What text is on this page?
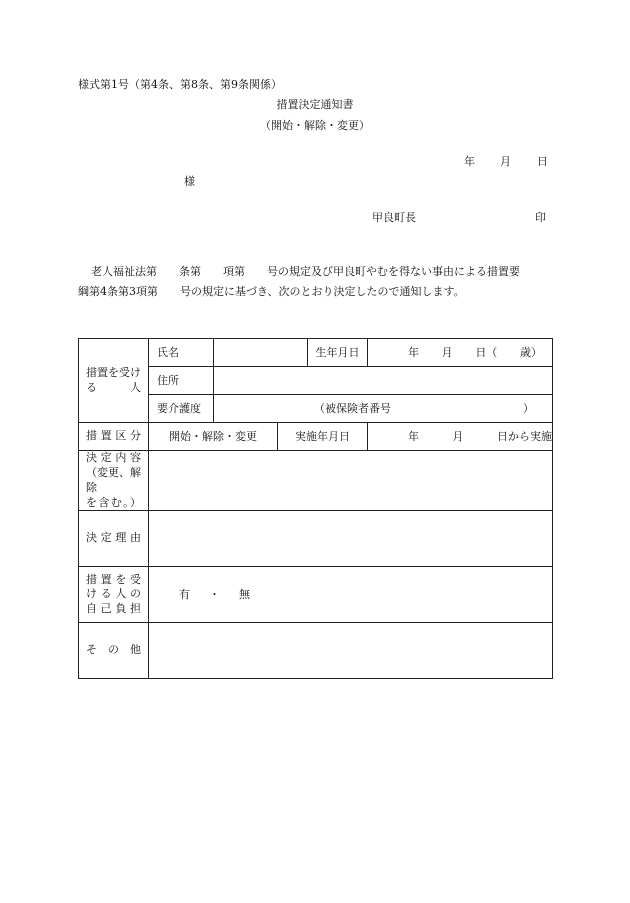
様式第1号（第4条、第8条、第9条関係）
措置決定通知書
（開始・解除・変更）
年 月 日
様
甲良町長	印
老人福祉法第　　条第　　項第　　号の規定及び甲良町やむを得ない事由による措置要
綱第4条第3項第　　号の規定に基づき、次のとおり決定したので通知します。
措置を受ける人	氏名			生年月日	年 月 日（ 歳）

	住所				
	要介護度	（被保険者番号 ）			

措置区分	開始・解除・変更		実施年月日		年 月 日から実施

決定内容
（変更、解除
を含む。）					

決定理由					

措置を受
ける人の
自己負担	有 ・ 無				

その他					
